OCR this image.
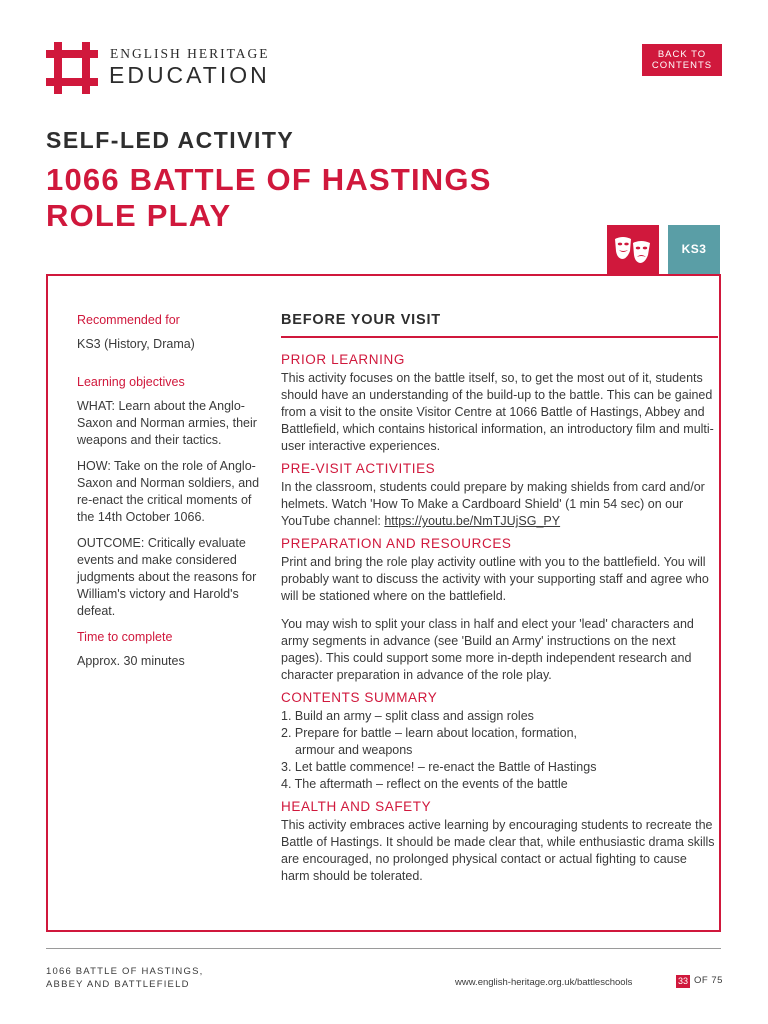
ENGLISH HERITAGE
EDUCATION
BACK TO
CONTENTS
SELF-LED ACTIVITY
1066 BATTLE OF HASTINGS
ROLE PLAY
KS3
Recommended for

KS3 (History, Drama)

Learning objectives

WHAT: Learn about the Anglo-Saxon and Norman armies, their weapons and their tactics.

HOW: Take on the role of Anglo-Saxon and Norman soldiers, and re-enact the critical moments of the 14th October 1066.

OUTCOME: Critically evaluate events and make considered judgments about the reasons for William's victory and Harold's defeat.

Time to complete

Approx. 30 minutes

BEFORE YOUR VISIT
PRIOR LEARNING

This activity focuses on the battle itself, so, to get the most out of it, students should have an understanding of the build-up to the battle. This can be gained from a visit to the onsite Visitor Centre at 1066 Battle of Hastings, Abbey and Battlefield, which contains historical information, an introductory film and multi-user interactive experiences.

PRE-VISIT ACTIVITIES

In the classroom, students could prepare by making shields from card and/or helmets. Watch 'How To Make a Cardboard Shield' (1 min 54 sec) on our YouTube channel: https://youtu.be/NmTJUjSG_PY

PREPARATION AND RESOURCES

Print and bring the role play activity outline with you to the battlefield. You will probably want to discuss the activity with your supporting staff and agree who will be stationed where on the battlefield.

You may wish to split your class in half and elect your 'lead' characters and army segments in advance (see 'Build an Army' instructions on the next pages). This could support some more in-depth independent research and character preparation in advance of the role play.

CONTENTS SUMMARY
1. Build an army – split class and assign roles
2. Prepare for battle – learn about location, formation,
armour and weapons
3. Let battle commence! – re-enact the Battle of Hastings
4. The aftermath – reflect on the events of the battle
HEALTH AND SAFETY

This activity embraces active learning by encouraging students to recreate the Battle of Hastings. It should be made clear that, while enthusiastic drama skills are encouraged, no prolonged physical contact or actual fighting to cause harm should be tolerated.

1066 BATTLE OF HASTINGS,
ABBEY AND BATTLEFIELD	www.english-heritage.org.uk/battleschools	33 OF 75
